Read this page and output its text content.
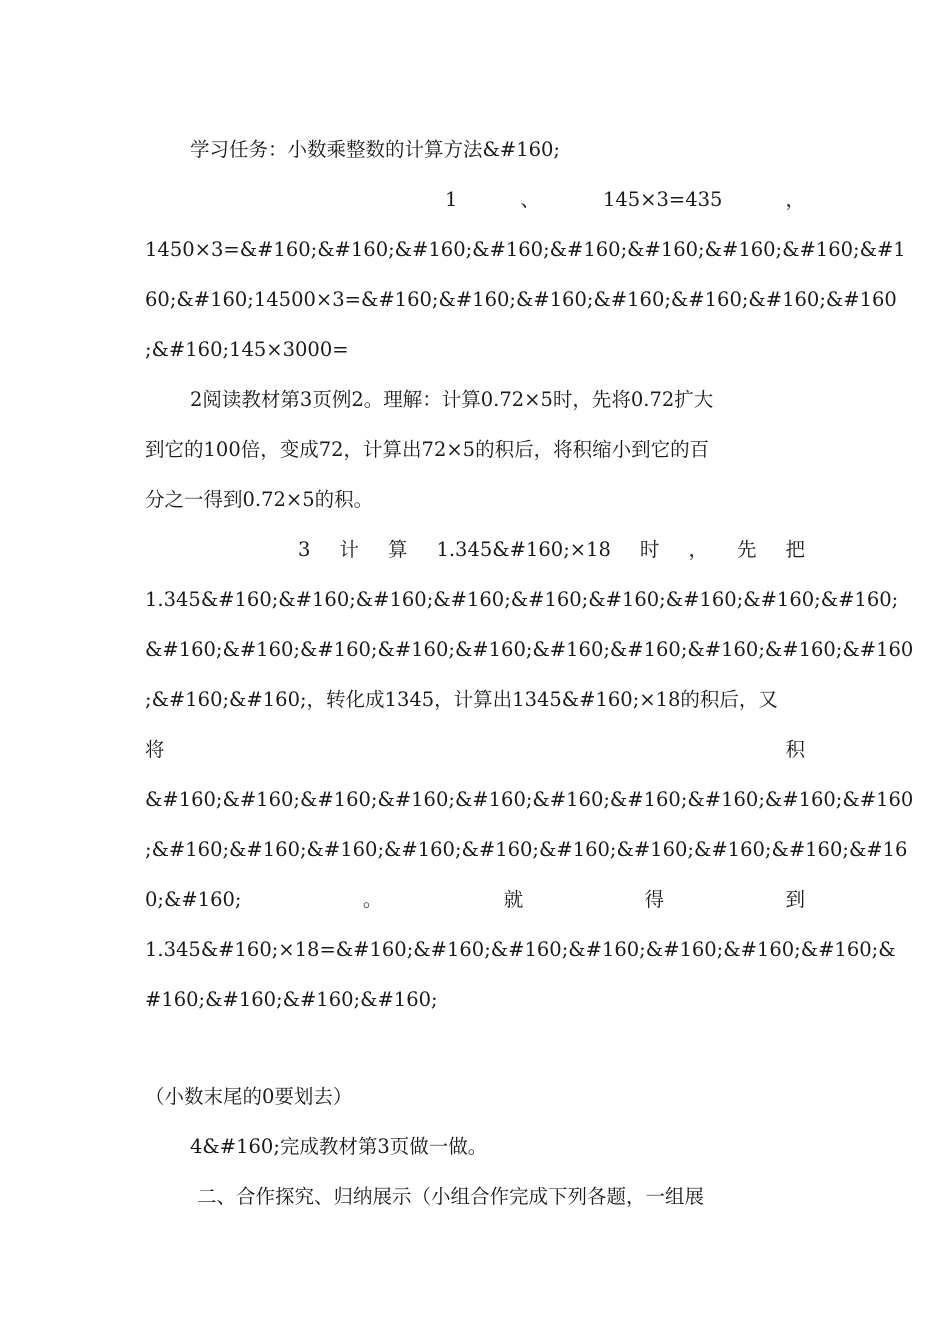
学习任务：小数乘整数的计算方法&#160;
1	、	145×3=435	，
1450×3=&#160;&#160;&#160;&#160;&#160;&#160;&#160;&#160;&#1
60;&#160;14500×3=&#160;&#160;&#160;&#160;&#160;&#160;&#160
;&#160;145×3000=
2阅读教材第3页例2。理解：计算0.72×5时，先将0.72扩大
到它的100倍，变成72，计算出72×5的积后，将积缩小到它的百
分之一得到0.72×5的积。
3 计 算 1.345&#160;×18 时 ， 先 把
1.345&#160;&#160;&#160;&#160;&#160;&#160;&#160;&#160;&#160;
&#160;&#160;&#160;&#160;&#160;&#160;&#160;&#160;&#160;&#160
;&#160;&#160;，转化成1345，计算出1345&#160;×18的积后，又
将	积
&#160;&#160;&#160;&#160;&#160;&#160;&#160;&#160;&#160;&#160
;&#160;&#160;&#160;&#160;&#160;&#160;&#160;&#160;&#160;&#16
0;&#160;	。	就	得	到
1.345&#160;×18=&#160;&#160;&#160;&#160;&#160;&#160;&#160;&
#160;&#160;&#160;&#160;
（小数末尾的0要划去）
4&#160;完成教材第3页做一做。
二、合作探究、归纳展示（小组合作完成下列各题，一组展
